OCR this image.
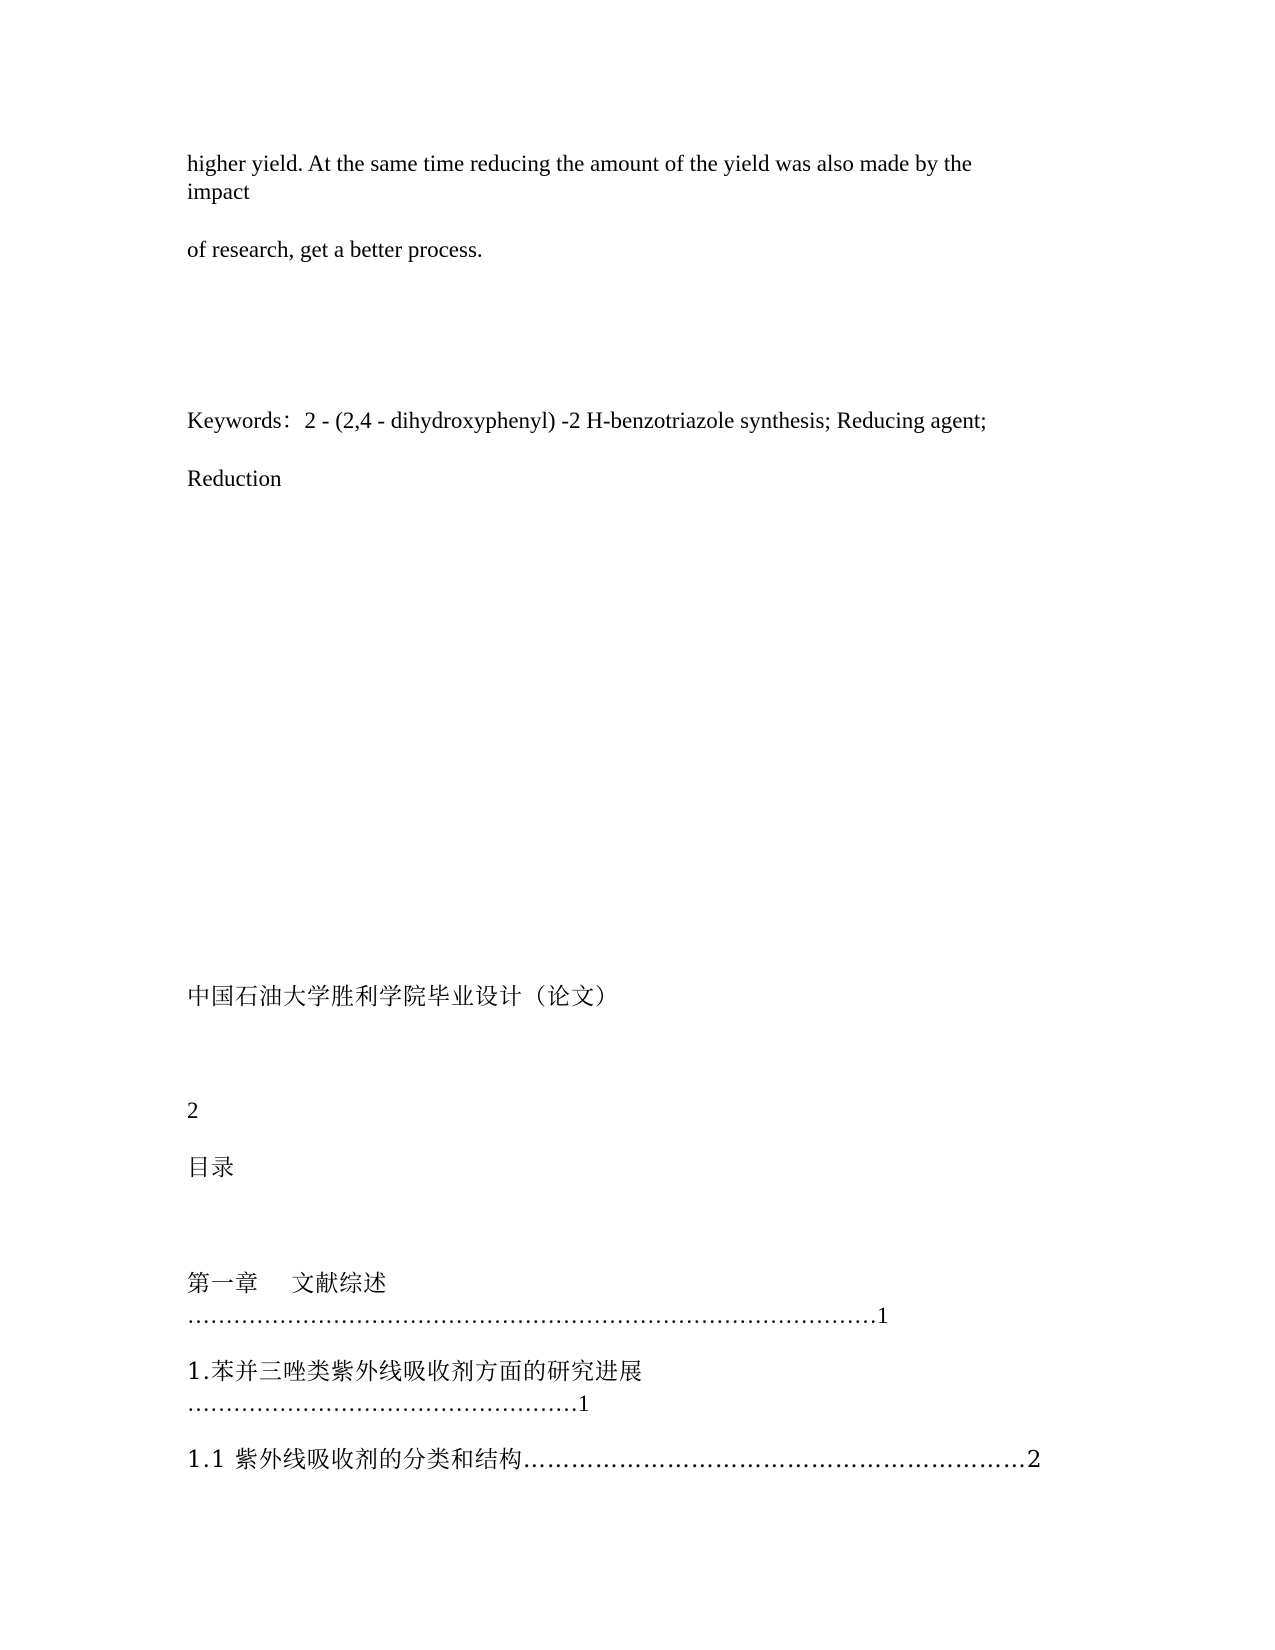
higher yield. At the same time reducing the amount of the yield was also made by the
impact
of research, get a better process.
Keywords：2 - (2,4 - dihydroxyphenyl) -2 H-benzotriazole synthesis; Reducing agent;
Reduction
中国石油大学胜利学院毕业设计（论文）
2
目录
第一章　 文献综述
………………………………………………………………………………1
1.苯并三唑类紫外线吸收剂方面的研究进展
……………………………………………1
1.1 紫外线吸收剂的分类和结构………………………………………………………2
